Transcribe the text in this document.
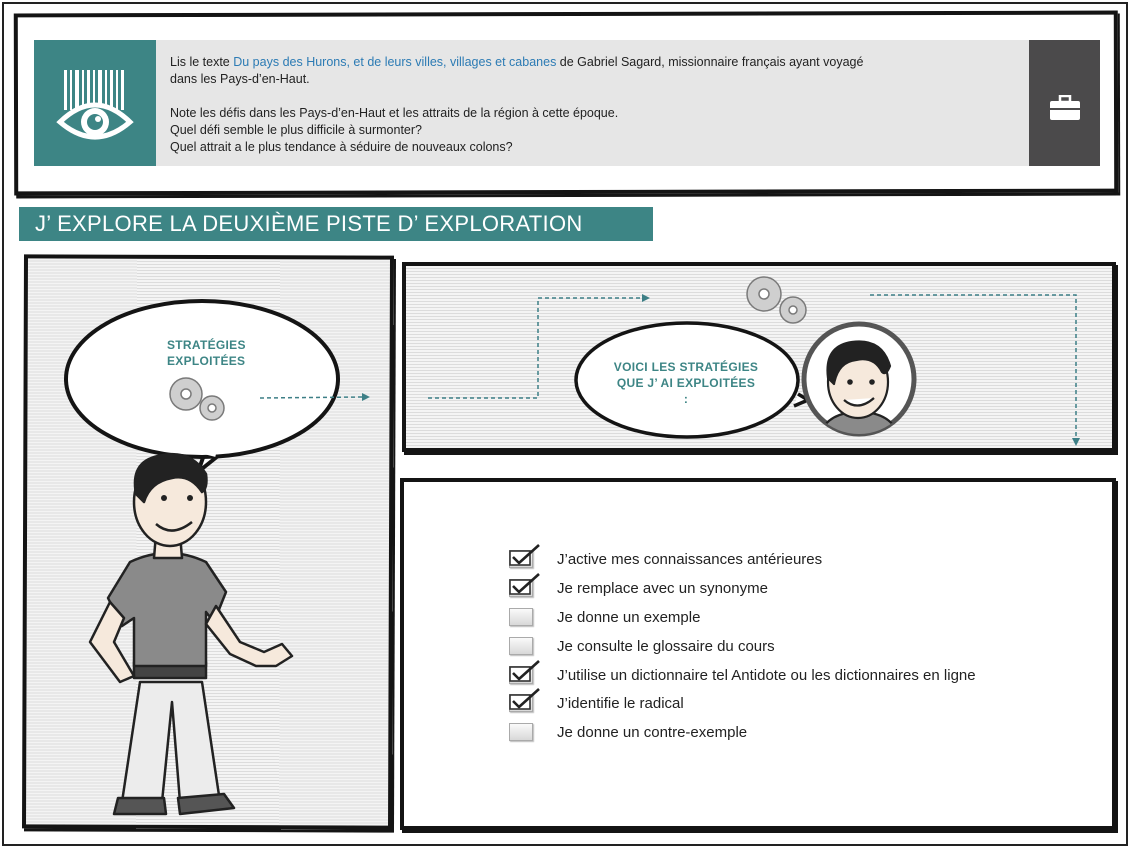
Lis le texte Du pays des Hurons, et de leurs villes, villages et cabanes de Gabriel Sagard, missionnaire français ayant voyagé

dans les Pays-d’en-Haut.

Note les défis dans les Pays-d’en-Haut et les attraits de la région à cette époque.

Quel défi semble le plus difficile à surmonter?

Quel attrait a le plus tendance à séduire de nouveaux colons?

J’ EXPLORE LA DEUXIÈME PISTE D’ EXPLORATION
STRATÉGIES
EXPLOITÉES	VOICI LES STRATÉGIES
QUE J’ AI EXPLOITÉES
:
J’active mes connaissances antérieures
Je remplace avec un synonyme
Je donne un exemple
Je consulte le glossaire du cours
J’utilise un dictionnaire tel Antidote ou les dictionnaires en ligne
J’identifie le radical
Je donne un contre-exemple
